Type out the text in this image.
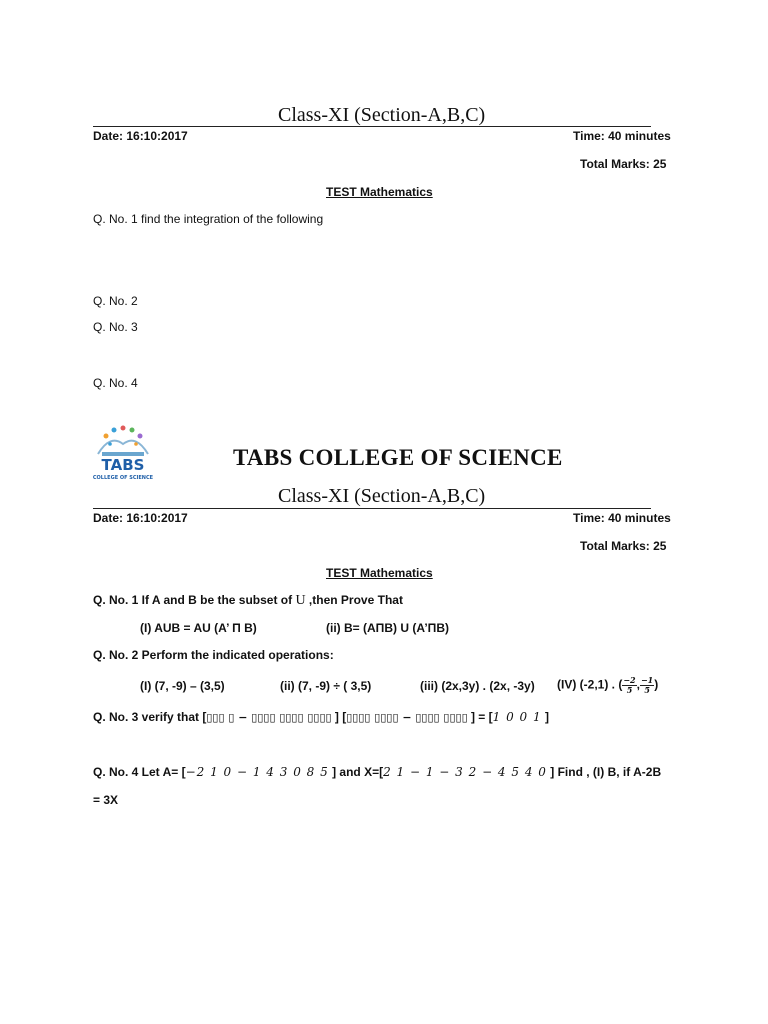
Class-XI (Section-A,B,C)
Date: 16:10:2017	Time: 40 minutes
Total Marks: 25
TEST Mathematics
Q. No. 1 find the integration of the following
Q. No. 2
Q. No. 3
Q. No. 4
TABS
COLLEGE OF SCIENCE
TABS COLLEGE OF SCIENCE
Class-XI (Section-A,B,C)
Date: 16:10:2017	Time: 40 minutes
Total Marks: 25
TEST Mathematics
Q. No. 1 If A and B be the subset of U ,then Prove That
(I) AUB = AU (A’ Π B)	(ii) B= (AΠB) U (A’ΠB)
Q. No. 2 Perform the indicated operations:
(I) (7, -9) – (3,5)	(ii) (7, -9) ÷ ( 3,5)	(iii) (2x,3y) . (2x, -3y) (IV) (-2,1) . ( $\frac{-2}{5}$ , $\frac{-1}{5}$ )
Q. No. 3 verify that [▯▯▯ ▯ − ▯▯▯▯ ▯▯▯▯ ▯▯▯▯ ] [▯▯▯▯ ▯▯▯▯ − ▯▯▯▯ ▯▯▯▯ ] = [1 0 0 1 ]
Q. No. 4 Let A= [−2 1 0 − 1 4 3 0 8 5 ] and X=[2 1 − 1 − 3 2 − 4 5 4 0 ] Find , (I) B, if A-2B
= 3X
